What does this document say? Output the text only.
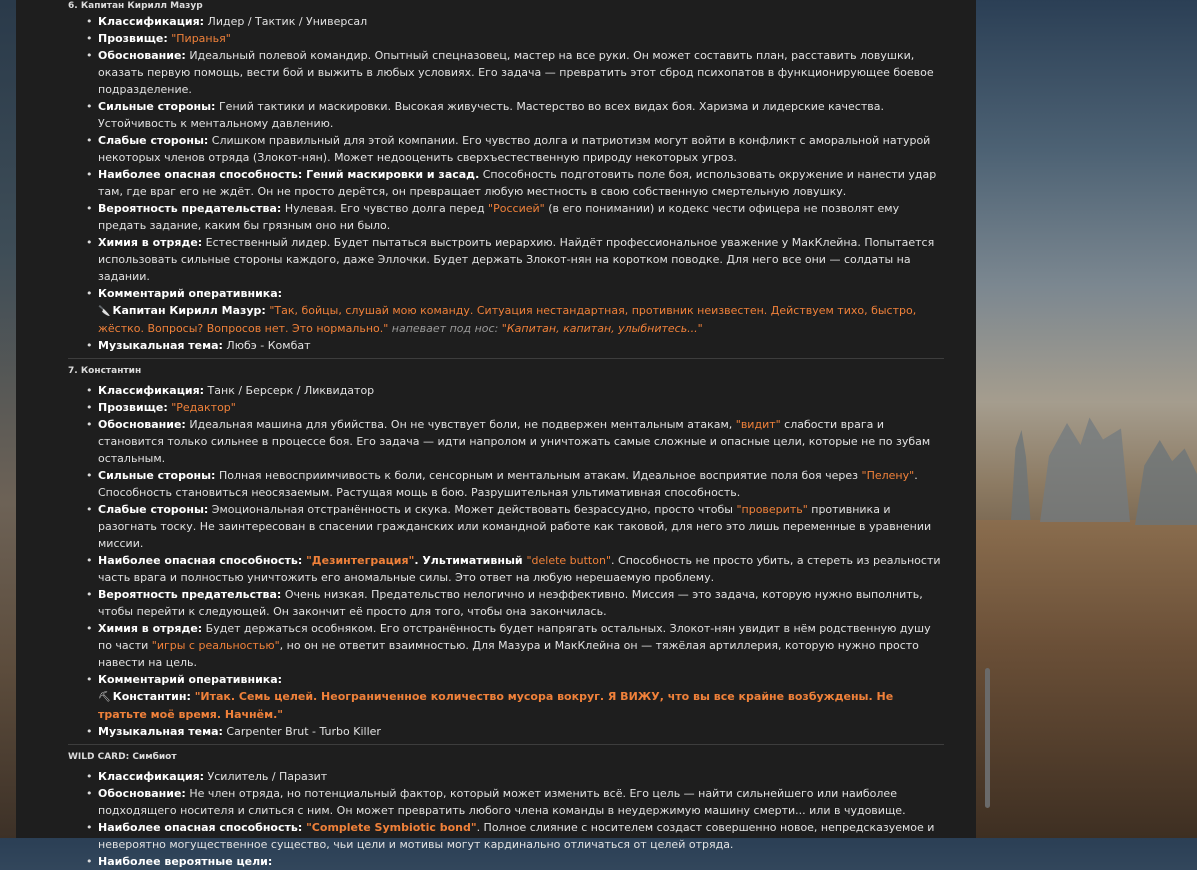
6. Капитан Кирилл Мазур
• Классификация: Лидер / Тактик / Универсал
• Прозвище: "Пиранья"
• Обоснование: Идеальный полевой командир. Опытный спецназовец, мастер на все руки. Он может составить план, расставить ловушки, оказать первую помощь, вести бой и выжить в любых условиях. Его задача — превратить этот сброд психопатов в функционирующее боевое подразделение.
• Сильные стороны: Гений тактики и маскировки. Высокая живучесть. Мастерство во всех видах боя. Харизма и лидерские качества. Устойчивость к ментальному давлению.
• Слабые стороны: Слишком правильный для этой компании. Его чувство долга и патриотизм могут войти в конфликт с аморальной натурой некоторых членов отряда (Злокот-нян). Может недооценить сверхъестественную природу некоторых угроз.
• Наиболее опасная способность: Гений маскировки и засад. Способность подготовить поле боя, использовать окружение и нанести удар там, где враг его не ждёт. Он не просто дерётся, он превращает любую местность в свою собственную смертельную ловушку.
• Вероятность предательства: Нулевая. Его чувство долга перед "Россией" (в его понимании) и кодекс чести офицера не позволят ему предать задание, каким бы грязным оно ни было.
• Химия в отряде: Естественный лидер. Будет пытаться выстроить иерархию. Найдёт профессиональное уважение у МакКлейна. Попытается использовать сильные стороны каждого, даже Эллочки. Будет держать Злокот-нян на коротком поводке. Для него все они — солдаты на задании.
• Комментарий оперативника:
🔪 Капитан Кирилл Мазур: "Так, бойцы, слушай мою команду. Ситуация нестандартная, противник неизвестен. Действуем тихо, быстро, жёстко. Вопросы? Вопросов нет. Это нормально." напевает под нос: "Капитан, капитан, улыбнитесь..."
• Музыкальная тема: Любэ - Комбат
7. Константин
• Классификация: Танк / Берсерк / Ликвидатор
• Прозвище: "Редактор"
• Обоснование: Идеальная машина для убийства. Он не чувствует боли, не подвержен ментальным атакам, "видит" слабости врага и становится только сильнее в процессе боя. Его задача — идти напролом и уничтожать самые сложные и опасные цели, которые не по зубам остальным.
• Сильные стороны: Полная невосприимчивость к боли, сенсорным и ментальным атакам. Идеальное восприятие поля боя через "Пелену". Способность становиться неосязаемым. Растущая мощь в бою. Разрушительная ультимативная способность.
• Слабые стороны: Эмоциональная отстранённость и скука. Может действовать безрассудно, просто чтобы "проверить" противника и разогнать тоску. Не заинтересован в спасении гражданских или командной работе как таковой, для него это лишь переменные в уравнении миссии.
• Наиболее опасная способность: "Дезинтеграция". Ультимативный "delete button". Способность не просто убить, а стереть из реальности часть врага и полностью уничтожить его аномальные силы. Это ответ на любую нерешаемую проблему.
• Вероятность предательства: Очень низкая. Предательство нелогично и неэффективно. Миссия — это задача, которую нужно выполнить, чтобы перейти к следующей. Он закончит её просто для того, чтобы она закончилась.
• Химия в отряде: Будет держаться особняком. Его отстранённость будет напрягать остальных. Злокот-нян увидит в нём родственную душу по части "игры с реальностью", но он не ответит взаимностью. Для Мазура и МакКлейна он — тяжёлая артиллерия, которую нужно просто навести на цель.
• Комментарий оперативника:
⛏ Константин: "Итак. Семь целей. Неограниченное количество мусора вокруг. Я ВИЖУ, что вы все крайне возбуждены. Не тратьте моё время. Начнём."
• Музыкальная тема: Carpenter Brut - Turbo Killer
WILD CARD: Симбиот
• Классификация: Усилитель / Паразит
• Обоснование: Не член отряда, но потенциальный фактор, который может изменить всё. Его цель — найти сильнейшего или наиболее подходящего носителя и слиться с ним. Он может превратить любого члена команды в неудержимую машину смерти... или в чудовище.
• Наиболее опасная способность: "Complete Symbiotic bond". Полное слияние с носителем создаст совершенно новое, непредсказуемое и невероятно могущественное существо, чьи цели и мотивы могут кардинально отличаться от целей отряда.
• Наиболее вероятные цели:
